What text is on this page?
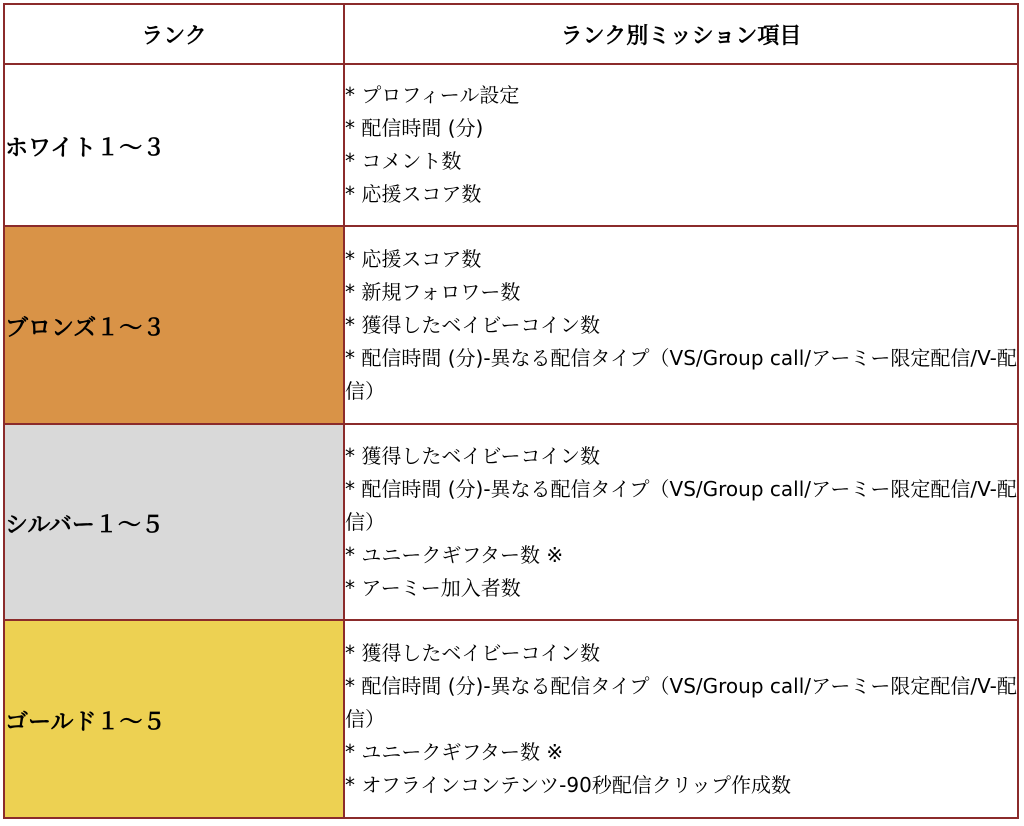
ランク	ランク別ミッション項目
ホワイト１〜３	* プロフィール設定
* 配信時間 (分)
* コメント数
* 応援スコア数

ブロンズ１〜３	* 応援スコア数
* 新規フォロワー数
* 獲得したベイビーコイン数
* 配信時間 (分)-異なる配信タイプ（VS/Group call/アーミー限定配信/V-配信）

シルバー１〜５	* 獲得したベイビーコイン数
* 配信時間 (分)-異なる配信タイプ（VS/Group call/アーミー限定配信/V-配信）
* ユニークギフター数 ※
* アーミー加入者数

ゴールド１〜５	* 獲得したベイビーコイン数
* 配信時間 (分)-異なる配信タイプ（VS/Group call/アーミー限定配信/V-配信）
* ユニークギフター数 ※
* オフラインコンテンツ-90秒配信クリップ作成数
